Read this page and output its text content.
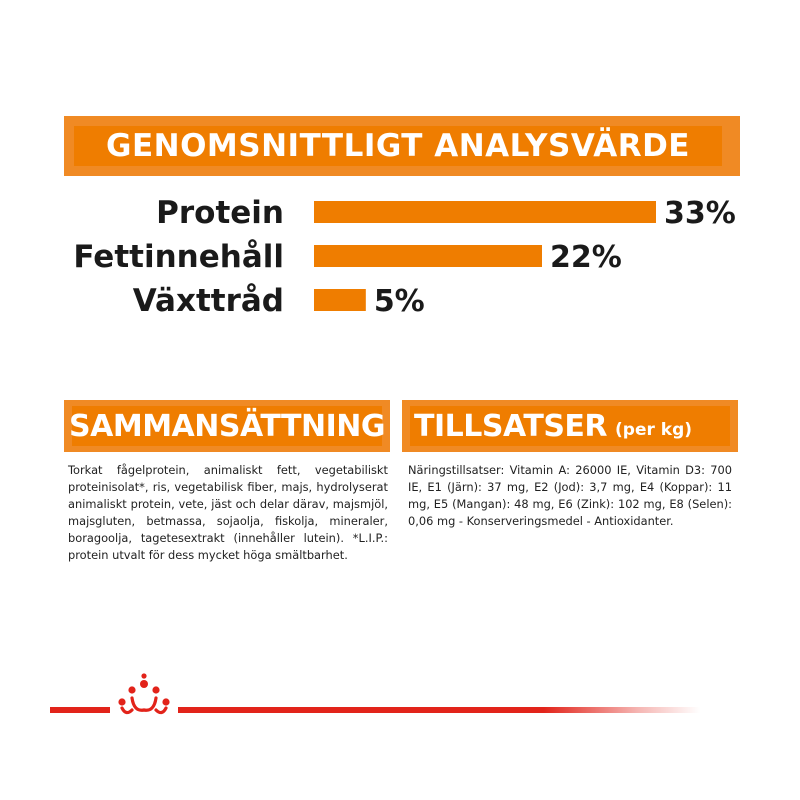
GENOMSNITTLIGT ANALYSVÄRDE
Protein	33%
Fettinnehåll	22%
Växttråd	5%
SAMMANSÄTTNING
Torkat fågelprotein, animaliskt fett, vegetabiliskt proteinisolat*, ris, vegetabilisk fiber, majs, hydrolyserat animaliskt protein, vete, jäst och delar därav, majsmjöl, majsgluten, betmassa, sojaolja, fiskolja, mineraler, boragoolja, tagetesextrakt (innehåller lutein). *L.I.P.: protein utvalt för dess mycket höga smältbarhet.
TILLSATSER (per kg)
Näringstillsatser: Vitamin A: 26000 IE, Vitamin D3: 700 IE, E1 (Järn): 37 mg, E2 (Jod): 3,7 mg, E4 (Koppar): 11 mg, E5 (Mangan): 48 mg, E6 (Zink): 102 mg, E8 (Selen): 0,06 mg - Konserveringsmedel - Antioxidanter.
